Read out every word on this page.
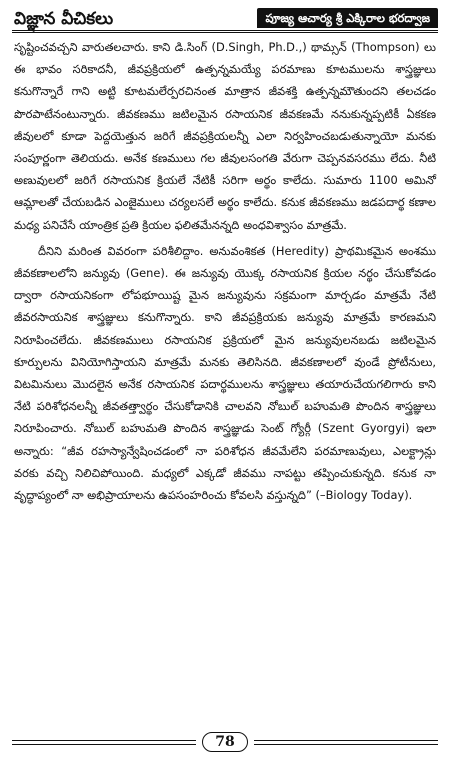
విజ్ఞాన వీచికలు	పూజ్య ఆచార్య శ్రీ ఎక్కిరాల భరద్వాజ

సృష్టించవచ్చని వారుతలచారు. కాని డి.సింగ్ (D.Singh, Ph.D.,) థామ్సన్ (Thompson) లు ఈ భావం సరికాదనీ, జీవప్రక్రియలో ఉత్పన్నమయ్యే పరమాణు కూటములను శాస్త్రజ్ఞులు కనుగొన్నారే గాని అట్టి కూటమలేర్పరచినంత మాత్రాన జీవశక్తి ఉత్పన్నమౌతుందని తలచడం పొరపాటేనంటున్నారు. జీవకణము జటిలమైన రసాయనిక జీవకణమే ననుకున్నప్పటికీ ఏకకణ జీవులలో కూడా పెద్దయెత్తున జరిగే జీవప్రక్రియలన్నీ ఎలా నిర్వహించబడుతున్నాయో మనకు సంపూర్ణంగా తెలియదు. అనేక కణములు గల జీవులసంగతి వేరుగా చెప్పనవసరము లేదు. నీటి అణువులలో జరిగే రసాయనిక క్రియలే నేటికీ సరిగా అర్థం కాలేదు. సుమారు 1100 అమినో ఆమ్లాలతో చేయబడిన ఎంజైములు చర్యలసలే అర్థం కాలేదు. కనుక జీవకణము జడపదార్థ కణాల మధ్య పనిచేసే యాంత్రిక ప్రతి క్రియల ఫలితమేనన్నది అంధవిశ్వాసం మాత్రమే.

దీనిని మరింత వివరంగా పరిశీలిద్దాం. అనువంశికత (Heredity) ప్రాథమికమైన అంశము జీవకణాలలోని జన్యువు (Gene). ఈ జన్యువు యొక్క రసాయనిక క్రియల నర్థం చేసుకోవడం ద్వారా రసాయనికంగా లోపభూయిష్ట మైన జన్యువును సక్రమంగా మార్చడం మాత్రమే నేటి జీవరసాయనిక శాస్త్రజ్ఞులు కనుగొన్నారు. కాని జీవప్రక్రియకు జన్యువు మాత్రమే కారణమని నిరూపించలేదు. జీవకణములు రసాయనిక ప్రక్రియలో మైన జన్యువులనబడు జటిలమైన కూర్పులను వినియోగిస్తాయని మాత్రమే మనకు తెలిసినది. జీవకణాలలో వుండే ప్రోటీనులు, విటమినులు మొదలైన అనేక రసాయనిక పదార్థములను శాస్త్రజ్ఞులు తయారుచేయగలిగారు కాని నేటి పరిశోధనలన్నీ జీవతత్త్వార్థం చేసుకోడానికి చాలవని నోబుల్ బహుమతి పొందిన శాస్త్రజ్ఞులు నిరూపించారు. నోబుల్ బహుమతి పొందిన శాస్త్రజ్ఞుడు సెంట్ గ్యోర్గీ (Szent Gyorgyi) ఇలా అన్నారు: “జీవ రహస్యాన్వేషించడంలో నా పరిశోధన జీవమేలేని పరమాణువులు, ఎలక్ట్రాన్లు వరకు వచ్చి నిలిచిపోయింది. మధ్యలో ఎక్కడో జీవము నాపట్టు తప్పించుకున్నది. కనుక నా వృద్ధాప్యంలో నా అభిప్రాయాలను ఉపసంహరించు కోవలసి వస్తున్నది” (–Biology Today).

78
